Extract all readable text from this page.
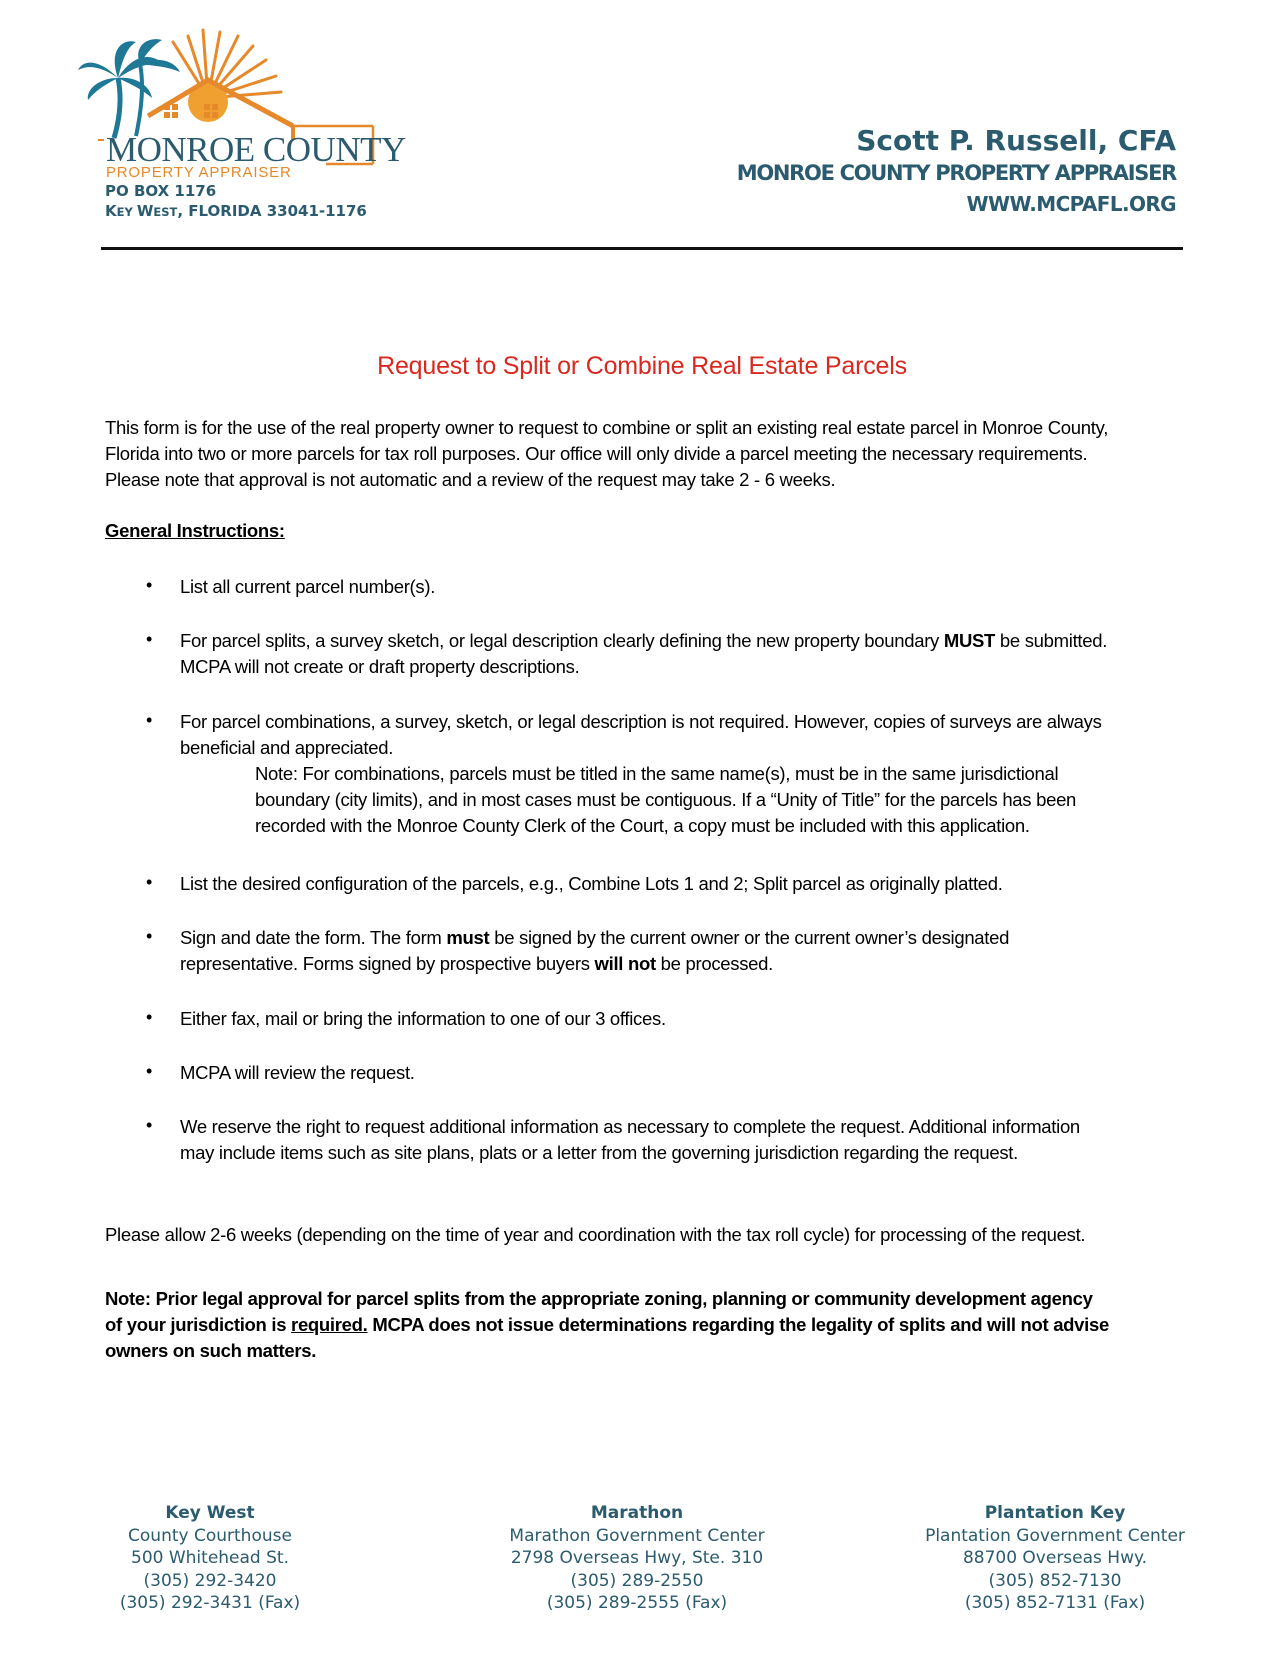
MONROE COUNTY
PROPERTY APPRAISER
PO BOX 1176
KEY WEST, FLORIDA 33041-1176
Scott P. Russell, CFA
MONROE COUNTY PROPERTY APPRAISER
WWW.MCPAFL.ORG
Request to Split or Combine Real Estate Parcels
This form is for the use of the real property owner to request to combine or split an existing real estate parcel in Monroe County,
Florida into two or more parcels for tax roll purposes. Our office will only divide a parcel meeting the necessary requirements.
Please note that approval is not automatic and a review of the request may take 2 - 6 weeks.
General Instructions:
• List all current parcel number(s).
• For parcel splits, a survey sketch, or legal description clearly defining the new property boundary MUST be submitted.
MCPA will not create or draft property descriptions.
• For parcel combinations, a survey, sketch, or legal description is not required. However, copies of surveys are always
beneficial and appreciated.
Note: For combinations, parcels must be titled in the same name(s), must be in the same jurisdictional
boundary (city limits), and in most cases must be contiguous. If a “Unity of Title” for the parcels has been
recorded with the Monroe County Clerk of the Court, a copy must be included with this application.
• List the desired configuration of the parcels, e.g., Combine Lots 1 and 2; Split parcel as originally platted.
• Sign and date the form. The form must be signed by the current owner or the current owner’s designated
representative. Forms signed by prospective buyers will not be processed.
• Either fax, mail or bring the information to one of our 3 offices.
• MCPA will review the request.
• We reserve the right to request additional information as necessary to complete the request. Additional information
may include items such as site plans, plats or a letter from the governing jurisdiction regarding the request.
Please allow 2-6 weeks (depending on the time of year and coordination with the tax roll cycle) for processing of the request.
Note: Prior legal approval for parcel splits from the appropriate zoning, planning or community development agency
of your jurisdiction is required. MCPA does not issue determinations regarding the legality of splits and will not advise
owners on such matters.
Key West
County Courthouse
500 Whitehead St.
(305) 292-3420
(305) 292-3431 (Fax)
Marathon
Marathon Government Center
2798 Overseas Hwy, Ste. 310
(305) 289-2550
(305) 289-2555 (Fax)
Plantation Key
Plantation Government Center
88700 Overseas Hwy.
(305) 852-7130
(305) 852-7131 (Fax)
